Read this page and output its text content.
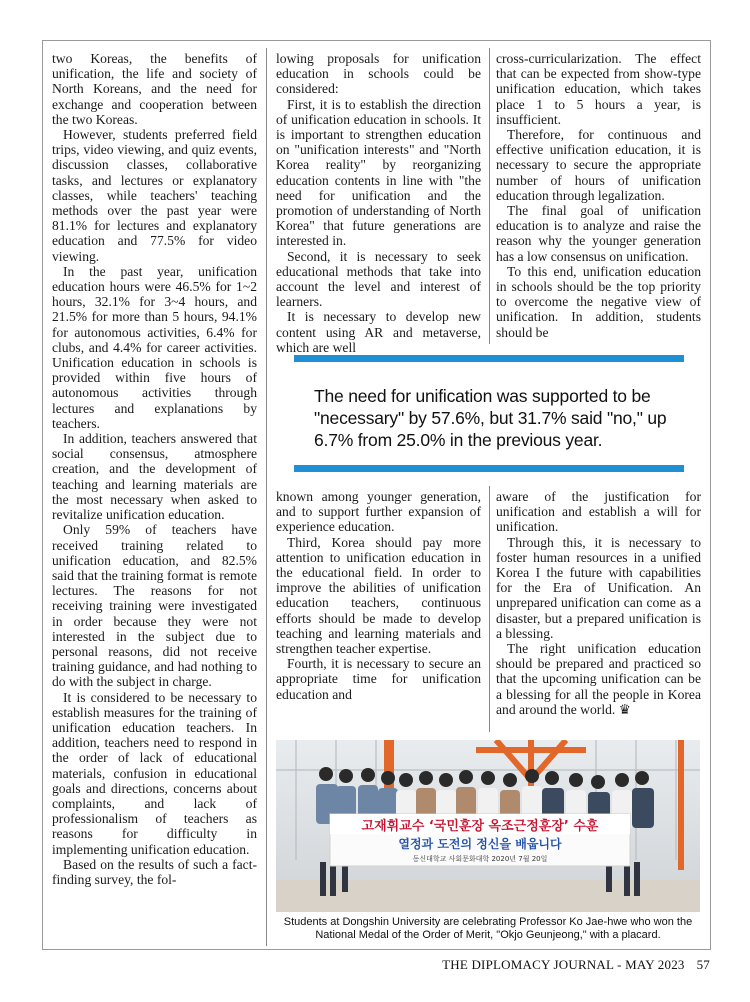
two Koreas, the benefits of unification, the life and society of North Koreans, and the need for exchange and cooperation between the two Koreas.

However, students preferred field trips, video viewing, and quiz events, discussion classes, collaborative tasks, and lectures or explanatory classes, while teachers' teaching methods over the past year were 81.1% for lectures and explanatory education and 77.5% for video viewing.

In the past year, unification education hours were 46.5% for 1~2 hours, 32.1% for 3~4 hours, and 21.5% for more than 5 hours, 94.1% for autonomous activities, 6.4% for clubs, and 4.4% for career activities. Unification education in schools is provided within five hours of autonomous activities through lectures and explanations by teachers.

In addition, teachers answered that social consensus, atmosphere creation, and the development of teaching and learning materials are the most necessary when asked to revitalize unification education.

Only 59% of teachers have received training related to unification education, and 82.5% said that the training format is remote lectures. The reasons for not receiving training were investigated in order because they were not interested in the subject due to personal reasons, did not receive training guidance, and had nothing to do with the subject in charge.

It is considered to be necessary to establish measures for the training of unification education teachers. In addition, teachers need to respond in the order of lack of educational materials, confusion in educational goals and directions, concerns about complaints, and lack of professionalism of teachers as reasons for difficulty in implementing unification education.

Based on the results of such a fact-finding survey, the fol-

lowing proposals for unification education in schools could be considered:

First, it is to establish the direction of unification education in schools. It is important to strengthen education on "unification interests" and "North Korea reality" by reorganizing education contents in line with "the need for unification and the promotion of understanding of North Korea" that future generations are interested in.

Second, it is necessary to seek educational methods that take into account the level and interest of learners.

It is necessary to develop new content using AR and metaverse, which are well

cross-curricularization. The effect that can be expected from show-type unification education, which takes place 1 to 5 hours a year, is insufficient.

Therefore, for continuous and effective unification education, it is necessary to secure the appropriate number of hours of unification education through legalization.

The final goal of unification education is to analyze and raise the reason why the younger generation has a low consensus on unification.

To this end, unification education in schools should be the top priority to overcome the negative view of unification. In addition, students should be

The need for unification was supported to be "necessary" by 57.6%, but 31.7% said "no," up 6.7% from 25.0% in the previous year.

known among younger generation, and to support further expansion of experience education.

Third, Korea should pay more attention to unification education in the educational field. In order to improve the abilities of unification education teachers, continuous efforts should be made to develop teaching and learning materials and strengthen teacher expertise.

Fourth, it is necessary to secure an appropriate time for unification education and

aware of the justification for unification and establish a will for unification.

Through this, it is necessary to foster human resources in a unified Korea I the future with capabilities for the Era of Unification. An unprepared unification can come as a disaster, but a prepared unification is a blessing.

The right unification education should be prepared and practiced so that the upcoming unification can be a blessing for all the people in Korea and around the world. ♛

고재휘교수 ‘국민훈장 옥조근정훈장’ 수훈
열정과 도전의 정신을 배웁니다
동신대학교 사회문화대학 2020년 7월 20일
Students at Dongshin University are celebrating Professor Ko Jae-hwe who won the National Medal of the Order of Merit, "Okjo Geunjeong," with a placard.
THE DIPLOMACY JOURNAL - MAY 2023 57
